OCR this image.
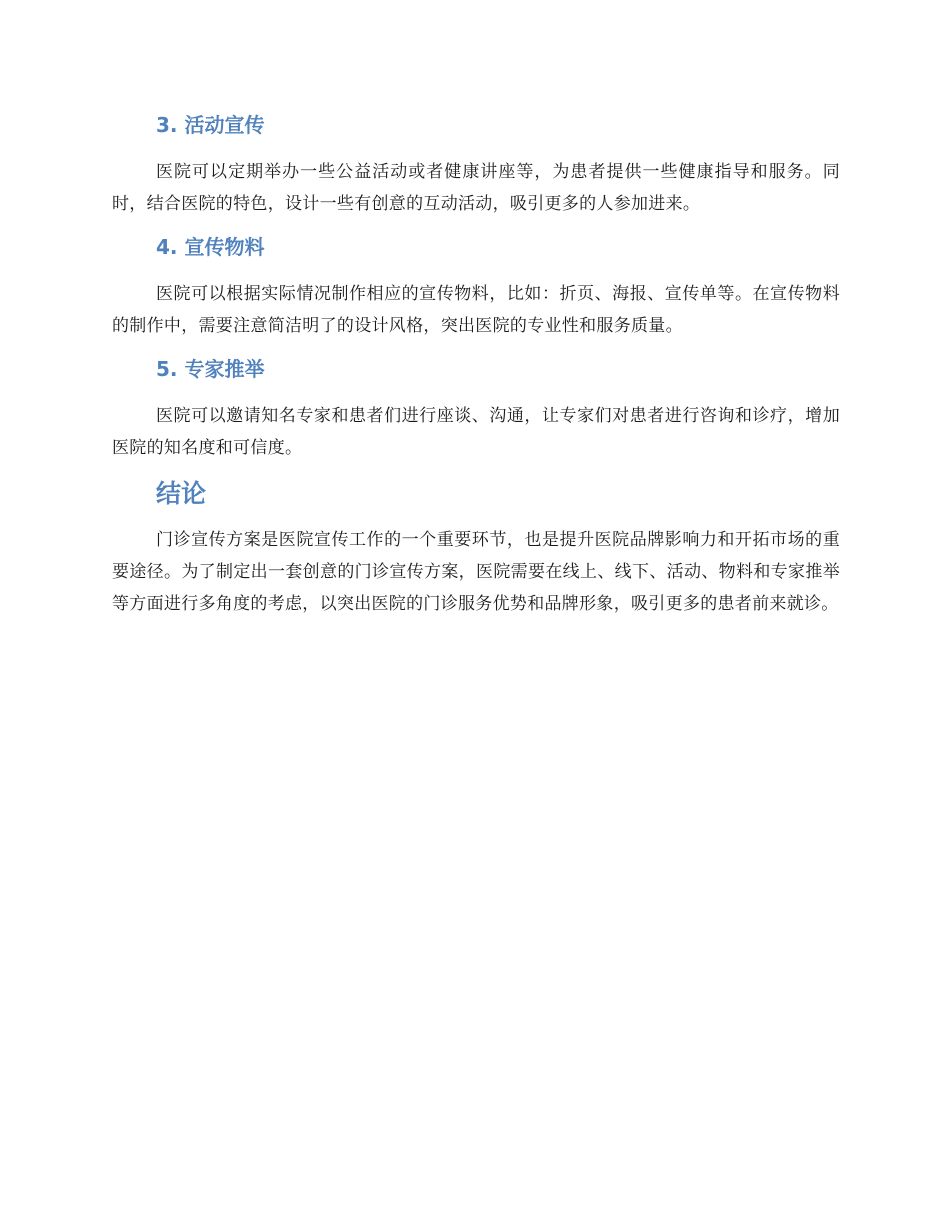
3. 活动宣传

医院可以定期举办一些公益活动或者健康讲座等，为患者提供一些健康指导和服务。同时，结合医院的特色，设计一些有创意的互动活动，吸引更多的人参加进来。

4. 宣传物料

医院可以根据实际情况制作相应的宣传物料，比如：折页、海报、宣传单等。在宣传物料的制作中，需要注意简洁明了的设计风格，突出医院的专业性和服务质量。

5. 专家推举

医院可以邀请知名专家和患者们进行座谈、沟通，让专家们对患者进行咨询和诊疗，增加医院的知名度和可信度。

结论

门诊宣传方案是医院宣传工作的一个重要环节，也是提升医院品牌影响力和开拓市场的重要途径。为了制定出一套创意的门诊宣传方案，医院需要在线上、线下、活动、物料和专家推举等方面进行多角度的考虑，以突出医院的门诊服务优势和品牌形象，吸引更多的患者前来就诊。
